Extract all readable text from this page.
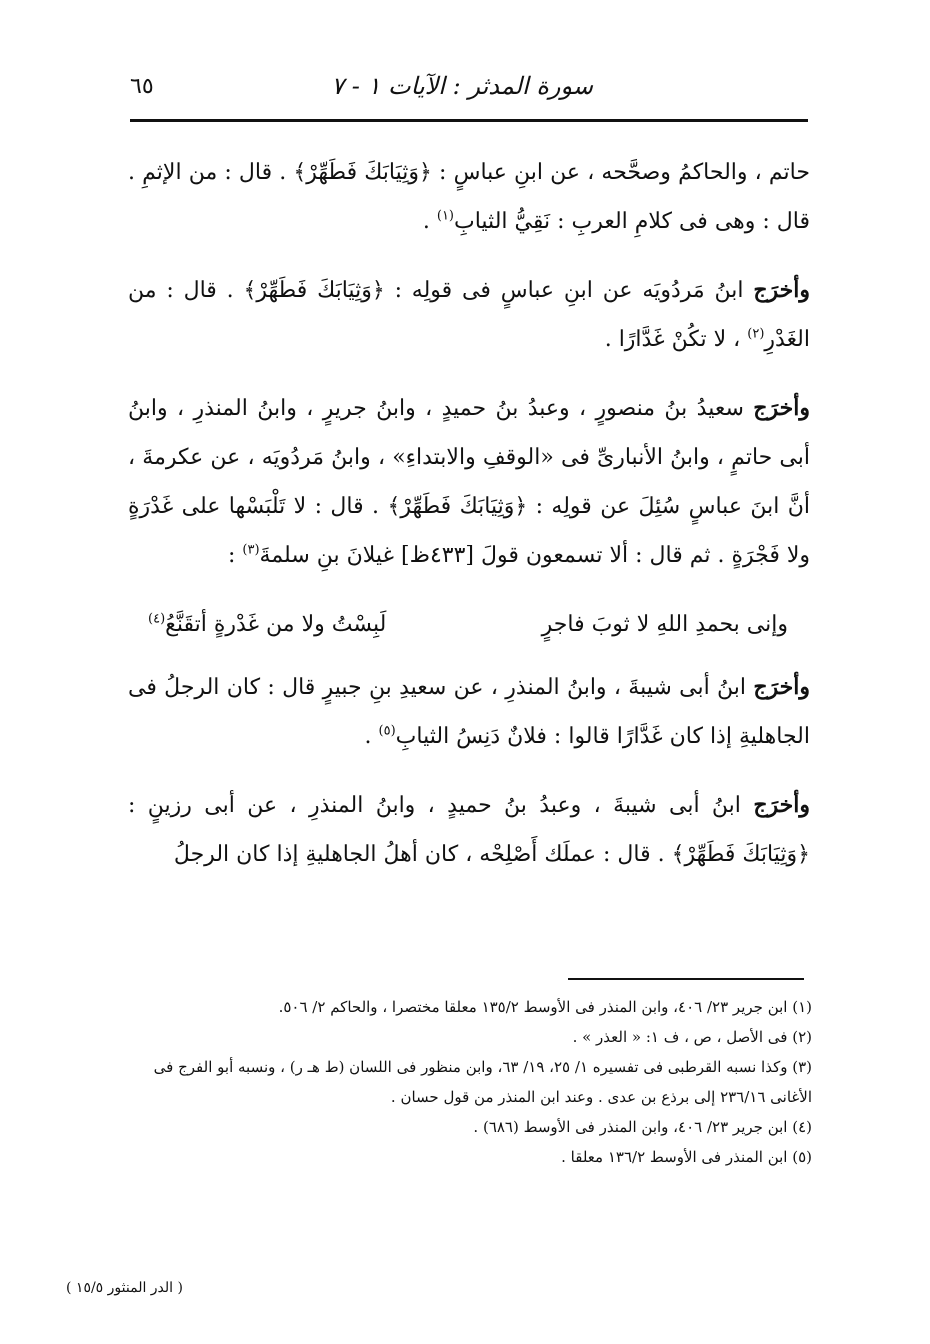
سورة المدثر : الآيات ١ - ٧
٦٥

حاتم ، والحاكمُ وصحَّحه ، عن ابنِ عباسٍ : ﴿وَثِيَابَكَ فَطَهِّرْ﴾ . قال : من الإثمِ . قال : وهى فى كلامِ العربِ : نَقِيُّ الثيابِ$^{(١)}$ .

وأخرَج ابنُ مَردُويَه عن ابنِ عباسٍ فى قولِه : ﴿وَثِيَابَكَ فَطَهِّرْ﴾ . قال : من الغَدْرِ$^{(٢)}$ ، لا تكُنْ غَدَّارًا .

وأخرَج سعيدُ بنُ منصورٍ ، وعبدُ بنُ حميدٍ ، وابنُ جريرٍ ، وابنُ المنذرِ ، وابنُ أبى حاتمٍ ، وابنُ الأنبارىِّ فى «الوقفِ والابتداءِ» ، وابنُ مَردُويَه ، عن عكرمةَ ، أنَّ ابنَ عباسٍ سُئِلَ عن قولِه : ﴿وَثِيَابَكَ فَطَهِّرْ﴾ . قال : لا تَلْبَسْها على غَدْرَةٍ ولا فَجْرَةٍ . ثم قال : ألا تسمعون قولَ [٤٣٣ظ] غيلانَ بنِ سلمةَ$^{(٣)}$ :

وإنى بحمدِ اللهِ لا ثوبَ فاجرٍ
لَبِسْتُ ولا من غَدْرةٍ أتقَنَّعُ$^{(٤)}$

وأخرَج ابنُ أبى شيبةَ ، وابنُ المنذرِ ، عن سعيدِ بنِ جبيرٍ قال : كان الرجلُ فى الجاهليةِ إذا كان غَدَّارًا قالوا : فلانٌ دَنِسُ الثيابِ$^{(٥)}$ .

وأخرَج ابنُ أبى شيبةَ ، وعبدُ بنُ حميدٍ ، وابنُ المنذرِ ، عن أبى رزينٍ : ﴿وَثِيَابَكَ فَطَهِّرْ﴾ . قال : عملَك أَصْلِحْه ، كان أهلُ الجاهليةِ إذا كان الرجلُ

(١) ابن جرير ٢٣/ ٤٠٦، وابن المنذر فى الأوسط ١٣٥/٢ معلقا مختصرا ، والحاكم ٢/ ٥٠٦.

(٢) فى الأصل ، ص ، ف ١: « العذر » .

(٣) وكذا نسبه القرطبى فى تفسيره ١/ ٢٥، ١٩/ ٦٣، وابن منظور فى اللسان (ط هـ ر) ، ونسبه أبو الفرج فى الأغانى ٢٣٦/١٦ إلى برذع بن عدى . وعند ابن المنذر من قول حسان .

(٤) ابن جرير ٢٣/ ٤٠٦، وابن المنذر فى الأوسط (٦٨٦) .

(٥) ابن المنذر فى الأوسط ١٣٦/٢ معلقا .

( الدر المنثور ١٥/٥ )
